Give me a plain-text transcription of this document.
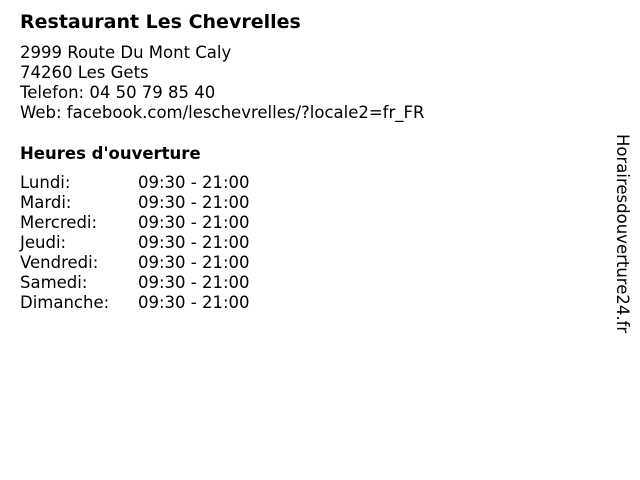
Restaurant Les Chevrelles
2999 Route Du Mont Caly
74260 Les Gets
Telefon: 04 50 79 85 40
Web: facebook.com/leschevrelles/?locale2=fr_FR
Heures d'ouverture
Lundi:	09:30 - 21:00
Mardi:	09:30 - 21:00
Mercredi:	09:30 - 21:00
Jeudi:	09:30 - 21:00
Vendredi:	09:30 - 21:00
Samedi:	09:30 - 21:00
Dimanche:	09:30 - 21:00	Horairesdouverture24.fr
